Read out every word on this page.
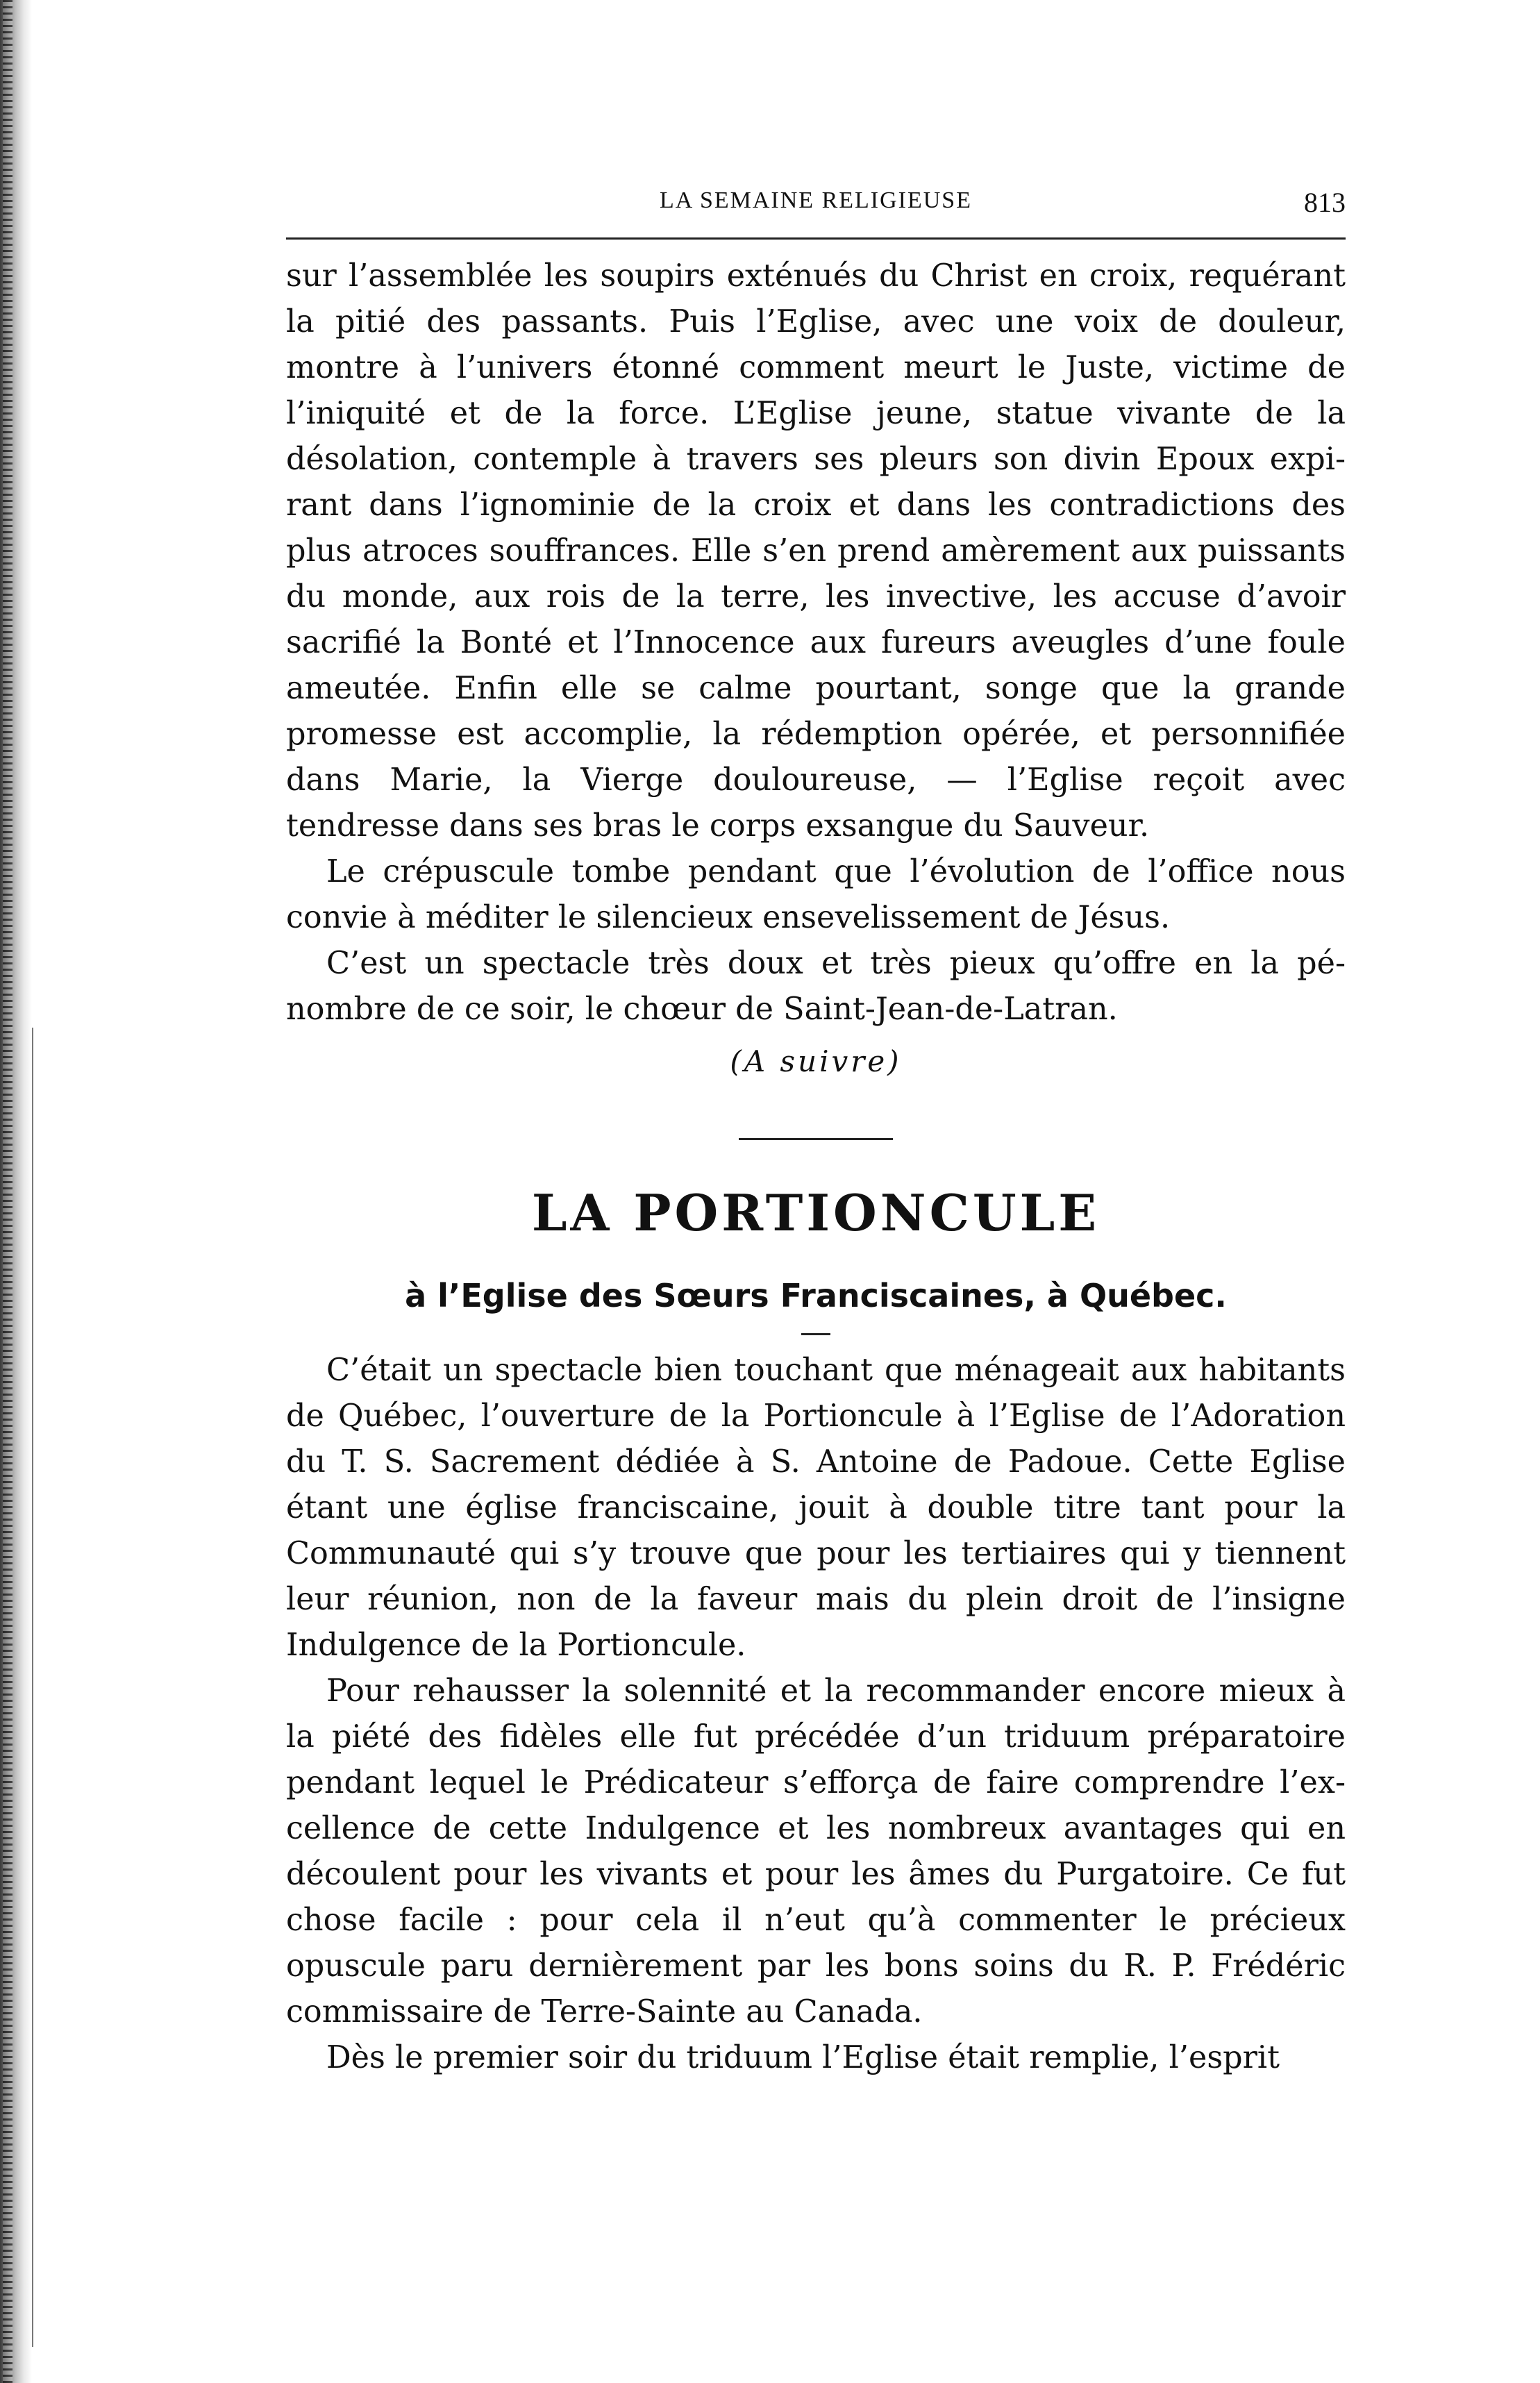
LA SEMAINE RELIGIEUSE	813

sur l’assemblée les soupirs exténués du Christ en croix, requérant la pitié des passants. Puis l’Eglise, avec une voix de douleur, montre à l’univers étonné comment meurt le Juste, victime de l’iniquité et de la force. L’Eglise jeune, statue vivante de la désolation, contemple à travers ses pleurs son divin Epoux expirant dans l’ignominie de la croix et dans les contradictions des plus atroces souffrances. Elle s’en prend amèrement aux puissants du monde, aux rois de la terre, les invective, les accuse d’avoir sacrifié la Bonté et l’Innocence aux fureurs aveugles d’une foule ameutée. Enfin elle se calme pourtant, songe que la grande promesse est accomplie, la rédemption opérée, et personnifiée dans Marie, la Vierge douloureuse, — l’Eglise reçoit avec tendresse dans ses bras le corps exsangue du Sauveur.

Le crépuscule tombe pendant que l’évolution de l’office nous convie à méditer le silencieux ensevelissement de Jésus.

C’est un spectacle très doux et très pieux qu’offre en la pénombre de ce soir, le chœur de Saint-Jean-de-Latran.

(A suivre)
LA PORTIONCULE
à l’Eglise des Sœurs Franciscaines, à Québec.

C’était un spectacle bien touchant que ménageait aux habitants de Québec, l’ouverture de la Portioncule à l’Eglise de l’Adoration du T. S. Sacrement dédiée à S. Antoine de Padoue. Cette Eglise étant une église franciscaine, jouit à double titre tant pour la Communauté qui s’y trouve que pour les tertiaires qui y tiennent leur réunion, non de la faveur mais du plein droit de l’insigne Indulgence de la Portioncule.

Pour rehausser la solennité et la recommander encore mieux à la piété des fidèles elle fut précédée d’un triduum préparatoire pendant lequel le Prédicateur s’efforça de faire comprendre l’excellence de cette Indulgence et les nombreux avantages qui en découlent pour les vivants et pour les âmes du Purgatoire. Ce fut chose facile : pour cela il n’eut qu’à commenter le précieux opuscule paru dernièrement par les bons soins du R. P. Frédéric commissaire de Terre-Sainte au Canada.

Dès le premier soir du triduum l’Eglise était remplie, l’esprit
